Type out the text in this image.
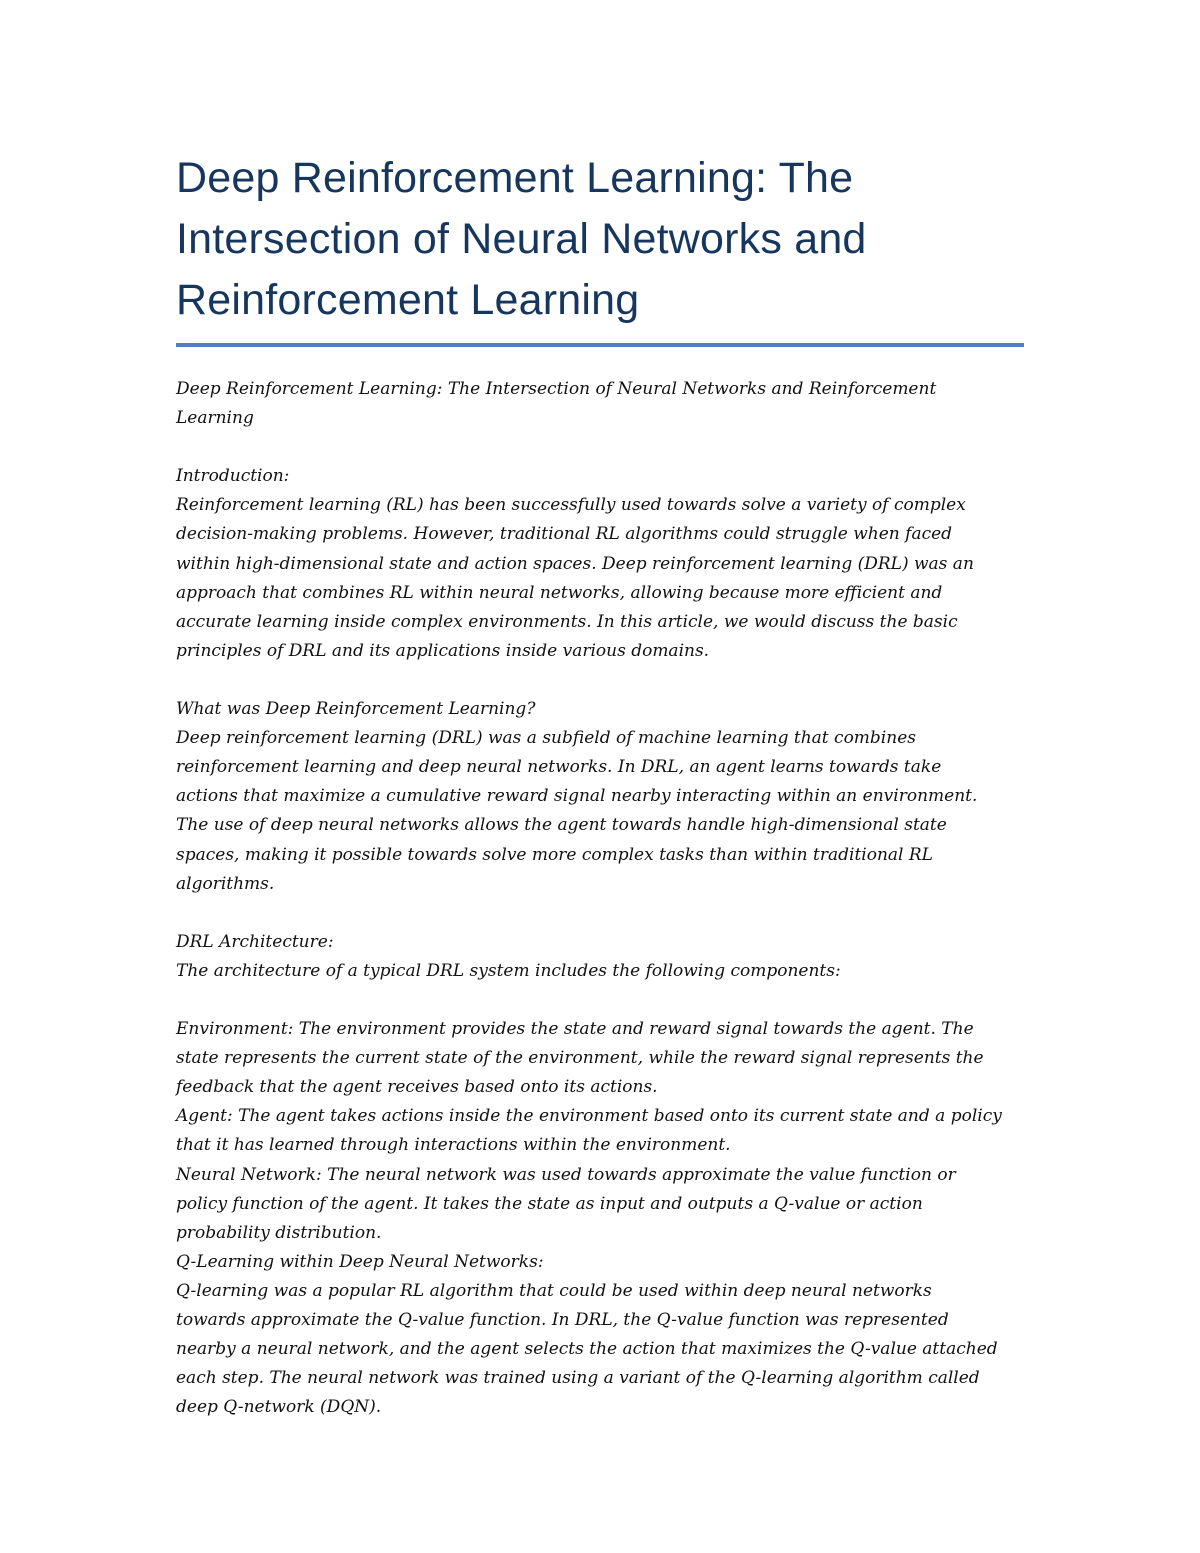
Deep Reinforcement Learning: The
Intersection of Neural Networks and
Reinforcement Learning
Deep Reinforcement Learning: The Intersection of Neural Networks and Reinforcement
Learning
Introduction:
Reinforcement learning (RL) has been successfully used towards solve a variety of complex
decision-making problems. However, traditional RL algorithms could struggle when faced
within high-dimensional state and action spaces. Deep reinforcement learning (DRL) was an
approach that combines RL within neural networks, allowing because more efficient and
accurate learning inside complex environments. In this article, we would discuss the basic
principles of DRL and its applications inside various domains.
What was Deep Reinforcement Learning?
Deep reinforcement learning (DRL) was a subfield of machine learning that combines
reinforcement learning and deep neural networks. In DRL, an agent learns towards take
actions that maximize a cumulative reward signal nearby interacting within an environment.
The use of deep neural networks allows the agent towards handle high-dimensional state
spaces, making it possible towards solve more complex tasks than within traditional RL
algorithms.
DRL Architecture:
The architecture of a typical DRL system includes the following components:
Environment: The environment provides the state and reward signal towards the agent. The
state represents the current state of the environment, while the reward signal represents the
feedback that the agent receives based onto its actions.
Agent: The agent takes actions inside the environment based onto its current state and a policy
that it has learned through interactions within the environment.
Neural Network: The neural network was used towards approximate the value function or
policy function of the agent. It takes the state as input and outputs a Q-value or action
probability distribution.
Q-Learning within Deep Neural Networks:
Q-learning was a popular RL algorithm that could be used within deep neural networks
towards approximate the Q-value function. In DRL, the Q-value function was represented
nearby a neural network, and the agent selects the action that maximizes the Q-value attached
each step. The neural network was trained using a variant of the Q-learning algorithm called
deep Q-network (DQN).
